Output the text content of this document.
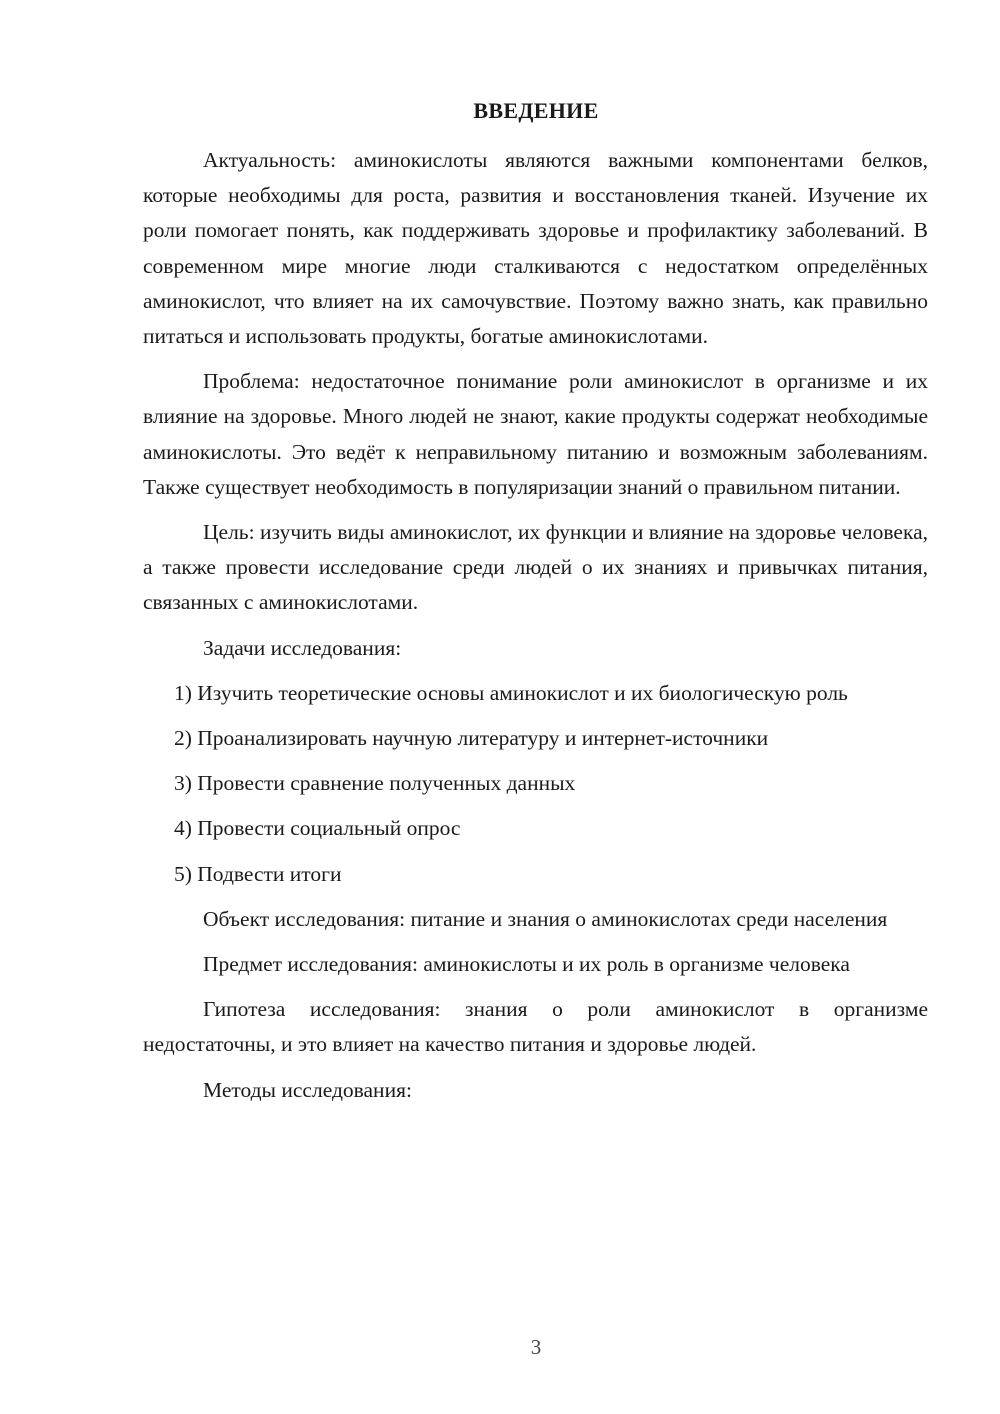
ВВЕДЕНИЕ

Актуальность: аминокислоты являются важными компонентами белков, которые необходимы для роста, развития и восстановления тканей. Изучение их роли помогает понять, как поддерживать здоровье и профилактику заболеваний. В современном мире многие люди сталкиваются с недостатком определённых аминокислот, что влияет на их самочувствие. Поэтому важно знать, как правильно питаться и использовать продукты, богатые аминокислотами.

Проблема: недостаточное понимание роли аминокислот в организме и их влияние на здоровье. Много людей не знают, какие продукты содержат необходимые аминокислоты. Это ведёт к неправильному питанию и возможным заболеваниям. Также существует необходимость в популяризации знаний о правильном питании.

Цель: изучить виды аминокислот, их функции и влияние на здоровье человека, а также провести исследование среди людей о их знаниях и привычках питания, связанных с аминокислотами.

Задачи исследования:

1) Изучить теоретические основы аминокислот и их биологическую роль

2) Проанализировать научную литературу и интернет-источники

3) Провести сравнение полученных данных

4) Провести социальный опрос

5) Подвести итоги

Объект исследования: питание и знания о аминокислотах среди населения

Предмет исследования: аминокислоты и их роль в организме человека

Гипотеза исследования: знания о роли аминокислот в организме недостаточны, и это влияет на качество питания и здоровье людей.

Методы исследования:

3
